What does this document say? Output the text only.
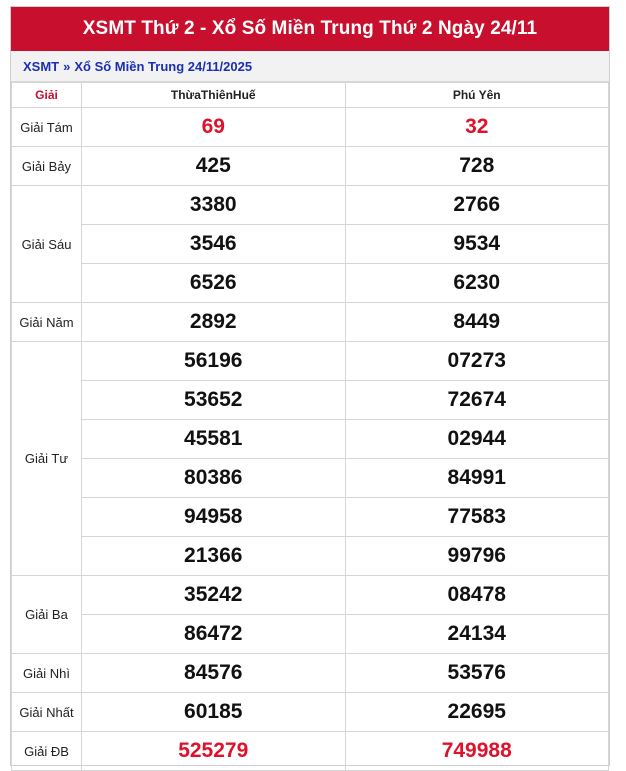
XSMT Thứ 2 - Xổ Số Miền Trung Thứ 2 Ngày 24/11
XSMT » Xổ Số Miền Trung 24/11/2025
Giải	ThừaThiênHuế	Phú Yên
Giải Tám	69	32
Giải Bảy	425	728
Giải Sáu	3380	2766
	3546	9534
	6526	6230
Giải Năm	2892	8449
Giải Tư	56196	07273
	53652	72674
	45581	02944
	80386	84991
	94958	77583
	21366	99796
Giải Ba	35242	08478
	86472	24134
Giải Nhì	84576	53576
Giải Nhất	60185	22695
Giải ĐB	525279	749988
